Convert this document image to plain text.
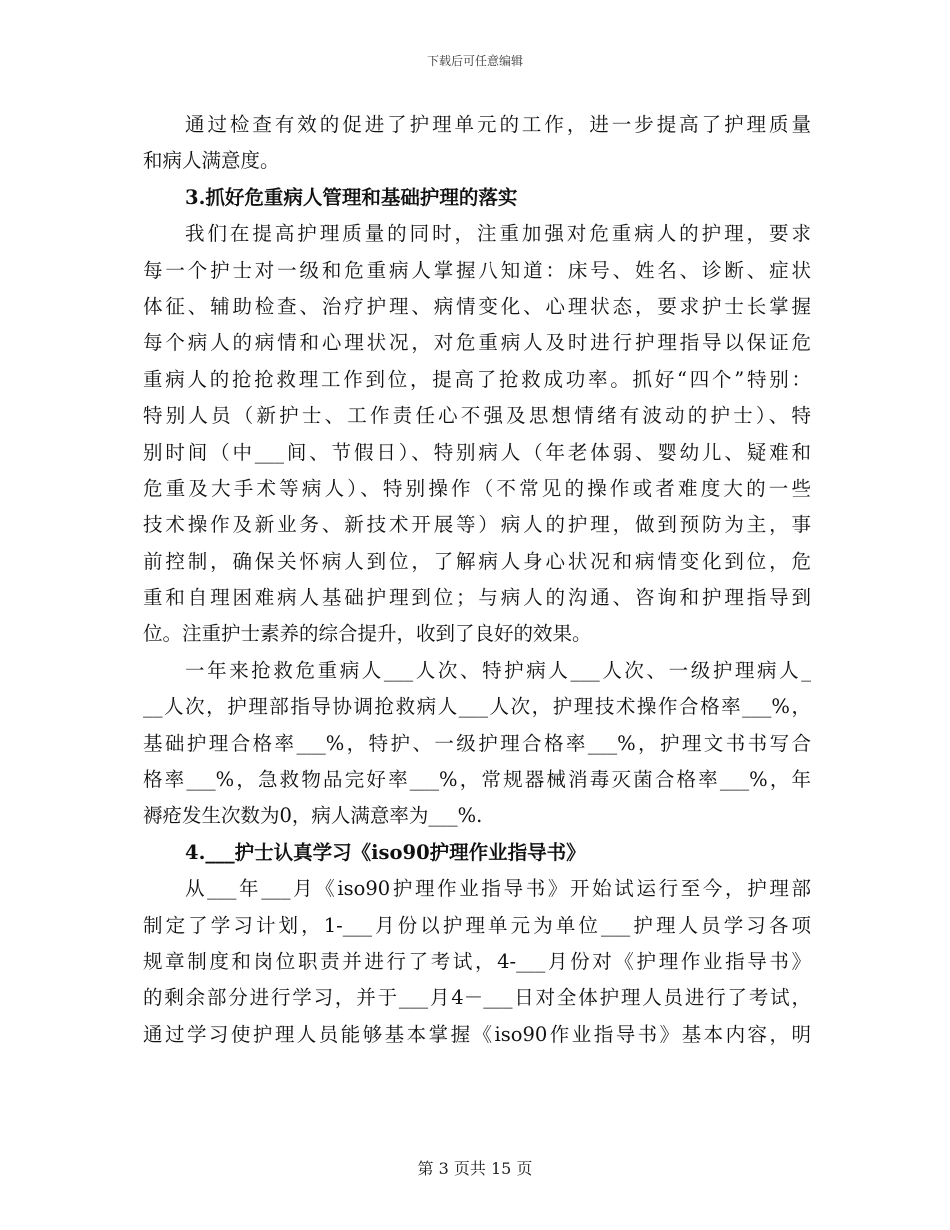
下载后可任意编辑
通过检查有效的促进了护理单元的工作，进一步提高了护理质量
和病人满意度。
3.抓好危重病人管理和基础护理的落实
我们在提高护理质量的同时，注重加强对危重病人的护理，要求
每一个护士对一级和危重病人掌握八知道：床号、姓名、诊断、症状
体征、辅助检查、治疗护理、病情变化、心理状态，要求护士长掌握
每个病人的病情和心理状况，对危重病人及时进行护理指导以保证危
重病人的抢抢救理工作到位，提高了抢救成功率。抓好“四个”特别：
特别人员（新护士、工作责任心不强及思想情绪有波动的护士）、特
别时间（中___间、节假日）、特别病人（年老体弱、婴幼儿、疑难和
危重及大手术等病人）、特别操作（不常见的操作或者难度大的一些
技术操作及新业务、新技术开展等）病人的护理，做到预防为主，事
前控制，确保关怀病人到位，了解病人身心状况和病情变化到位，危
重和自理困难病人基础护理到位；与病人的沟通、咨询和护理指导到
位。注重护士素养的综合提升，收到了良好的效果。
一年来抢救危重病人___人次、特护病人___人次、一级护理病人_
__人次，护理部指导协调抢救病人___人次，护理技术操作合格率___%，
基础护理合格率___%，特护、一级护理合格率___%，护理文书书写合
格率___%，急救物品完好率___%，常规器械消毒灭菌合格率___%，年
褥疮发生次数为0，病人满意率为___%.
4.___护士认真学习《iso90护理作业指导书》
从___年___月《iso90护理作业指导书》开始试运行至今，护理部
制定了学习计划，1-___月份以护理单元为单位___护理人员学习各项
规章制度和岗位职责并进行了考试，4-___月份对《护理作业指导书》
的剩余部分进行学习，并于___月4－___日对全体护理人员进行了考试，
通过学习使护理人员能够基本掌握《iso90作业指导书》基本内容，明
第 3 页共 15 页
